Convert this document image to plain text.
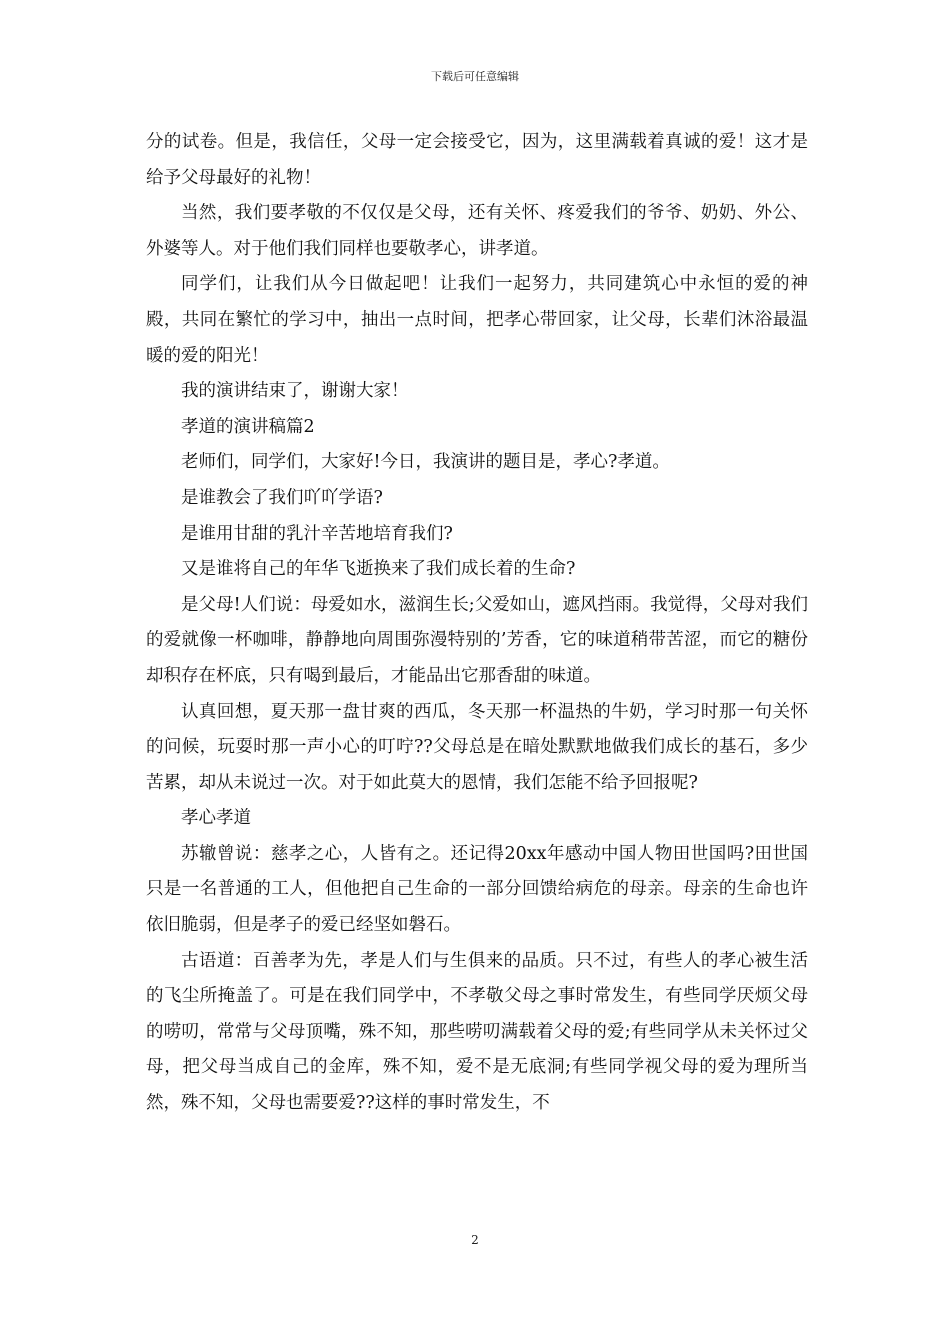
下载后可任意编辑

分的试卷。但是，我信任，父母一定会接受它，因为，这里满载着真诚的爱！这才是给予父母最好的礼物！

当然，我们要孝敬的不仅仅是父母，还有关怀、疼爱我们的爷爷、奶奶、外公、外婆等人。对于他们我们同样也要敬孝心，讲孝道。

同学们，让我们从今日做起吧！让我们一起努力，共同建筑心中永恒的爱的神殿，共同在繁忙的学习中，抽出一点时间，把孝心带回家，让父母，长辈们沐浴最温暖的爱的阳光！

我的演讲结束了，谢谢大家！

孝道的演讲稿篇2

老师们，同学们，大家好!今日，我演讲的题目是，孝心?孝道。

是谁教会了我们吖吖学语?

是谁用甘甜的乳汁辛苦地培育我们?

又是谁将自己的年华飞逝换来了我们成长着的生命?

是父母!人们说：母爱如水，滋润生长;父爱如山，遮风挡雨。我觉得，父母对我们的爱就像一杯咖啡，静静地向周围弥漫特别的’芳香，它的味道稍带苦涩，而它的糖份却积存在杯底，只有喝到最后，才能品出它那香甜的味道。

认真回想，夏天那一盘甘爽的西瓜，冬天那一杯温热的牛奶，学习时那一句关怀的问候，玩耍时那一声小心的叮咛??父母总是在暗处默默地做我们成长的基石，多少苦累，却从未说过一次。对于如此莫大的恩情，我们怎能不给予回报呢?

孝心孝道

苏辙曾说：慈孝之心，人皆有之。还记得20xx年感动中国人物田世国吗?田世国只是一名普通的工人，但他把自己生命的一部分回馈给病危的母亲。母亲的生命也许依旧脆弱，但是孝子的爱已经坚如磐石。

古语道：百善孝为先，孝是人们与生俱来的品质。只不过，有些人的孝心被生活的飞尘所掩盖了。可是在我们同学中，不孝敬父母之事时常发生，有些同学厌烦父母的唠叨，常常与父母顶嘴，殊不知，那些唠叨满载着父母的爱;有些同学从未关怀过父母，把父母当成自己的金库，殊不知，爱不是无底洞;有些同学视父母的爱为理所当然，殊不知，父母也需要爱??这样的事时常发生，不

2
